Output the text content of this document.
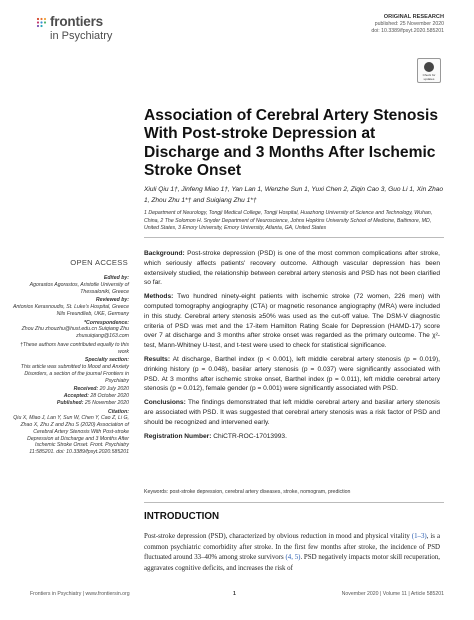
frontiers
in Psychiatry
ORIGINAL RESEARCH
published: 25 November 2020
doi: 10.3389/fpsyt.2020.585201
Check for updates
Association of Cerebral Artery Stenosis With Post-stroke Depression at Discharge and 3 Months After Ischemic Stroke Onset
Xiuli Qiu 1†, Jinfeng Miao 1†, Yan Lan 1, Wenzhe Sun 1, Yuxi Chen 2, Ziqin Cao 3, Guo Li 1, Xin Zhao 1, Zhou Zhu 1*† and Suiqiang Zhu 1*†
1 Department of Neurology, Tongji Medical College, Tongji Hospital, Huazhong University of Science and Technology, Wuhan, China, 2 The Solomon H. Snyder Department of Neuroscience, Johns Hopkins University School of Medicine, Baltimore, MD, United States, 3 Emory University, Emory University, Atlanta, GA, United States
OPEN ACCESS
Edited by:
Agorastos Agorastos, Aristotle University of Thessaloniki, Greece
Reviewed by:
Antonios Kerasnoudis, St. Luke's Hospital, Greece Nils Freundlieb, UKE, Germany
*Correspondence:
Zhou Zhu zhouzhu@hust.edu.cn Suiqiang Zhu zhusuiqiang@163.com
†These authors have contributed equally to this work
Specialty section:
This article was submitted to Mood and Anxiety Disorders, a section of the journal Frontiers in Psychiatry
Received: 20 July 2020
Accepted: 28 October 2020
Published: 25 November 2020
Citation:
Qiu X, Miao J, Lan Y, Sun W, Chen Y, Cao Z, Li G, Zhao X, Zhu Z and Zhu S (2020) Association of Cerebral Artery Stenosis With Post-stroke Depression at Discharge and 3 Months After Ischemic Stroke Onset. Front. Psychiatry 11:585201. doi: 10.3389/fpsyt.2020.585201

Background: Post-stroke depression (PSD) is one of the most common complications after stroke, which seriously affects patients' recovery outcome. Although vascular depression has been extensively studied, the relationship between cerebral artery stenosis and PSD has not been clarified so far.

Methods: Two hundred ninety-eight patients with ischemic stroke (72 women, 226 men) with computed tomography angiography (CTA) or magnetic resonance angiography (MRA) were included in this study. Cerebral artery stenosis ≥50% was used as the cut-off value. The DSM-V diagnostic criteria of PSD was met and the 17-item Hamilton Rating Scale for Depression (HAMD-17) score over 7 at discharge and 3 months after stroke onset was regarded as the primary outcome. The χ²-test, Mann-Whitney U-test, and t-test were used to check for statistical significance.

Results: At discharge, Barthel index (p < 0.001), left middle cerebral artery stenosis (p = 0.019), drinking history (p = 0.048), basilar artery stenosis (p = 0.037) were significantly associated with PSD. At 3 months after ischemic stroke onset, Barthel index (p = 0.011), left middle cerebral artery stenosis (p = 0.012), female gender (p = 0.001) were significantly associated with PSD.

Conclusions: The findings demonstrated that left middle cerebral artery and basilar artery stenosis are associated with PSD. It was suggested that cerebral artery stenosis was a risk factor of PSD and should be recognized and intervened early.

Registration Number: ChiCTR-ROC-17013993.

Keywords: post-stroke depression, cerebral artery diseases, stroke, nomogram, prediction
INTRODUCTION
Post-stroke depression (PSD), characterized by obvious reduction in mood and physical vitality (1–3), is a common psychiatric comorbidity after stroke. In the first few months after stroke, the incidence of PSD fluctuated around 33–40% among stroke survivors (4, 5). PSD negatively impacts motor skill recuperation, aggravates cognitive deficits, and increases the risk of
Frontiers in Psychiatry | www.frontiersin.org	1	November 2020 | Volume 11 | Article 585201
